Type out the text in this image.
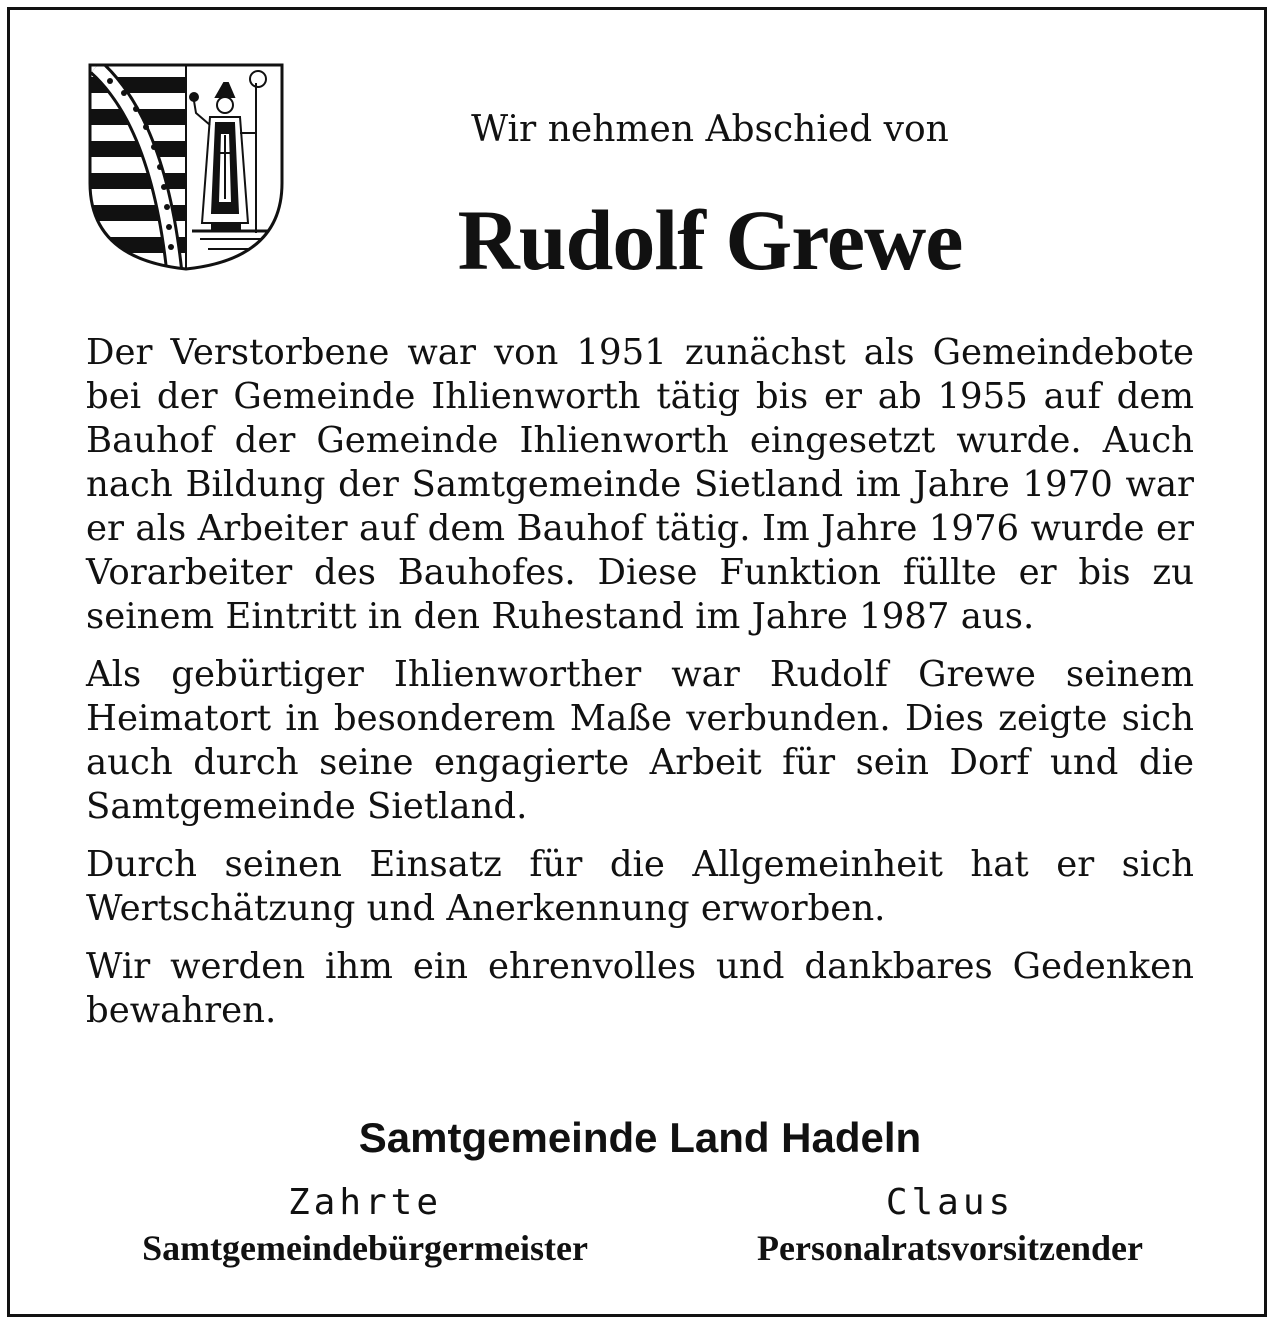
Wir nehmen Abschied von
Rudolf Grewe

Der Verstorbene war von 1951 zunächst als Gemeindebote bei der Gemeinde Ihlienworth tätig bis er ab 1955 auf dem Bauhof der Gemeinde Ihlienworth eingesetzt wurde. Auch nach Bildung der Samtgemeinde Sietland im Jahre 1970 war er als Arbeiter auf dem Bauhof tätig. Im Jahre 1976 wurde er Vorarbeiter des Bauhofes. Diese Funktion füllte er bis zu seinem Eintritt in den Ruhestand im Jahre 1987 aus.

Als gebürtiger Ihlienworther war Rudolf Grewe seinem Heimatort in besonderem Maße verbunden. Dies zeigte sich auch durch seine engagierte Arbeit für sein Dorf und die Samtgemeinde Sietland.

Durch seinen Einsatz für die Allgemeinheit hat er sich Wertschätzung und Anerkennung erworben.

Wir werden ihm ein ehrenvolles und dankbares Gedenken bewahren.

Samtgemeinde Land Hadeln
Zahrte
Samtgemeindebürgermeister
Claus
Personalratsvorsitzender
